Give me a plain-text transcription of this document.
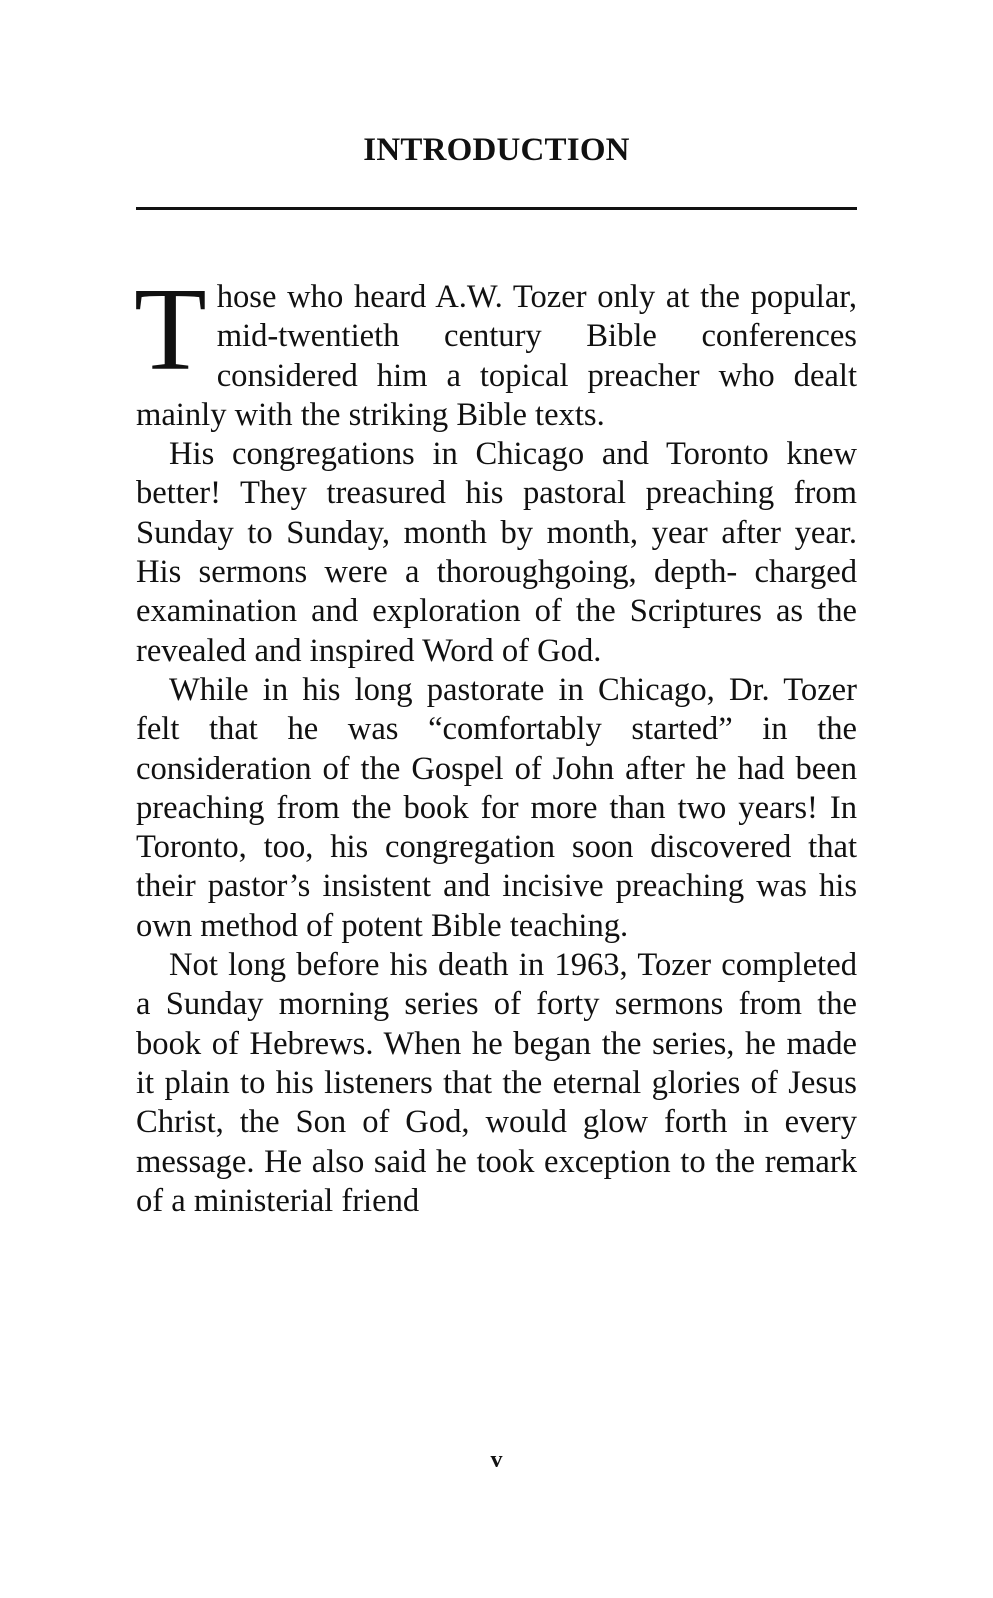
INTRODUCTION

Those who heard A.W. Tozer only at the popular, mid-twentieth century Bible conferences considered him a topical preacher who dealt mainly with the striking Bible texts.

His congregations in Chicago and Toronto knew better! They treasured his pastoral preaching from Sunday to Sunday, month by month, year after year. His sermons were a thoroughgoing, depth- charged examination and exploration of the Scriptures as the revealed and inspired Word of God.

While in his long pastorate in Chicago, Dr. Tozer felt that he was “comfortably started” in the consideration of the Gospel of John after he had been preaching from the book for more than two years! In Toronto, too, his congregation soon discovered that their pastor’s insistent and incisive preaching was his own method of potent Bible teaching.

Not long before his death in 1963, Tozer completed a Sunday morning series of forty sermons from the book of Hebrews. When he began the series, he made it plain to his listeners that the eternal glories of Jesus Christ, the Son of God, would glow forth in every message. He also said he took exception to the remark of a ministerial friend

v
